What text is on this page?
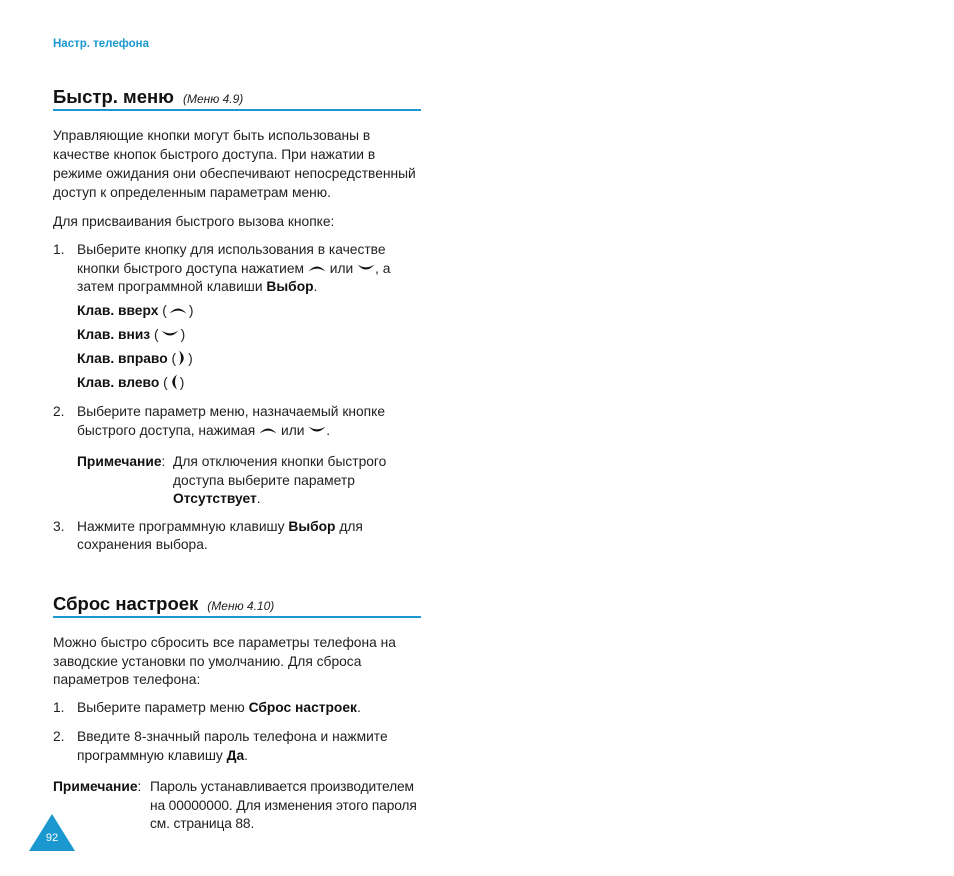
Настр. телефона
Быстр. меню (Меню 4.9)
Управляющие кнопки могут быть использованы в
качестве кнопок быстрого доступа. При нажатии в
режиме ожидания они обеспечивают непосредственный
доступ к определенным параметрам меню.
Для присваивания быстрого вызова кнопке:
1. Выберите кнопку для использования в качестве
кнопки быстрого доступа нажатием или , а
затем программной клавиши Выбор.
Клав. вверх ( )
Клав. вниз ( )
Клав. вправо ( )
Клав. влево ( )
2. Выберите параметр меню, назначаемый кнопке
быстрого доступа, нажимая или .
Примечание: Для отключения кнопки быстрого
доступа выберите параметр
Отсутствует.
3. Нажмите программную клавишу Выбор для
сохранения выбора.
Сброс настроек (Меню 4.10)
Можно быстро сбросить все параметры телефона на
заводские установки по умолчанию. Для сброса
параметров телефона:
1. Выберите параметр меню Сброс настроек.
2. Введите 8-значный пароль телефона и нажмите
программную клавишу Да.
Примечание: Пароль устанавливается производителем
на 00000000. Для изменения этого пароля
см. страница 88.
92
